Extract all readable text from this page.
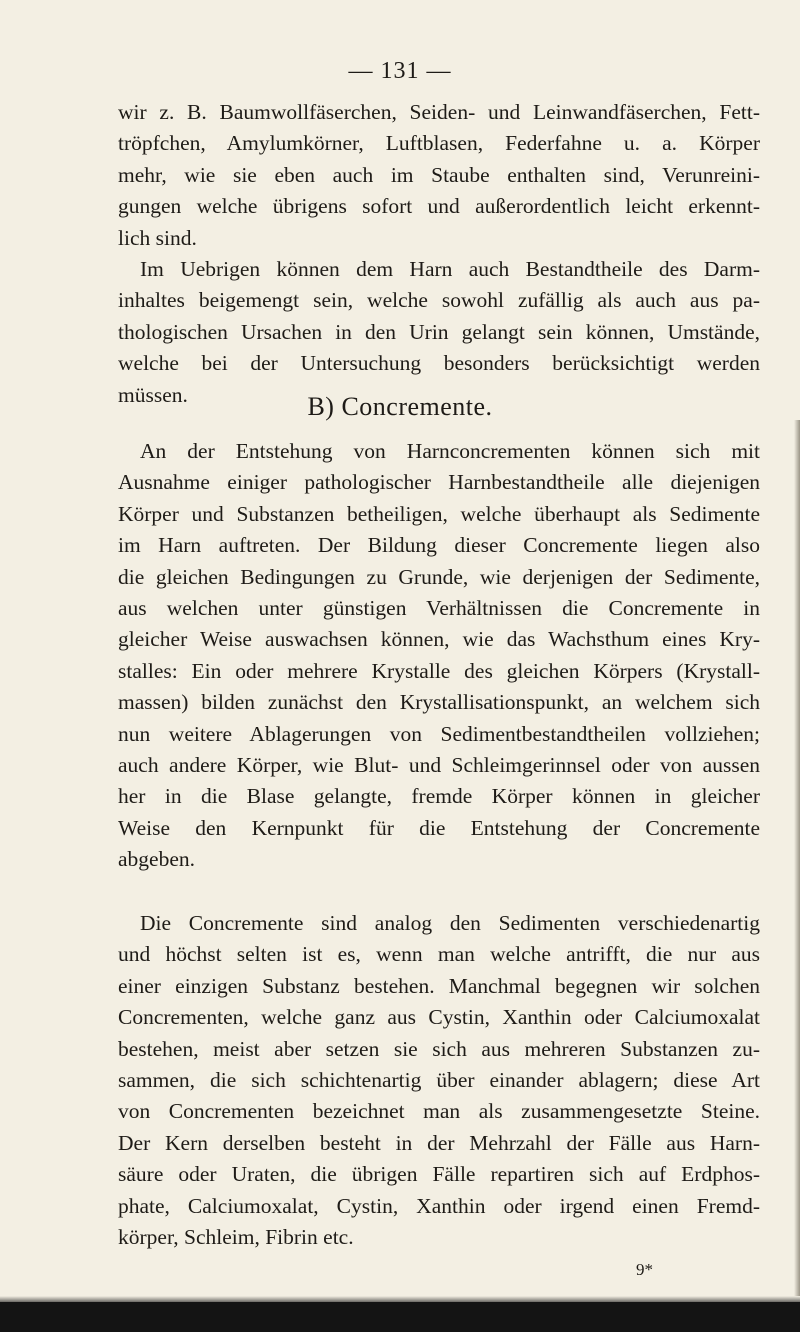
— 131 —
wir z. B. Baumwollfäserchen, Seiden- und Leinwandfäserchen, Fett-
tröpfchen, Amylumkörner, Luftblasen, Federfahne u. a. Körper
mehr, wie sie eben auch im Staube enthalten sind, Verunreini-
gungen welche übrigens sofort und außerordentlich leicht erkennt-
lich sind.
Im Uebrigen können dem Harn auch Bestandtheile des Darm-
inhaltes beigemengt sein, welche sowohl zufällig als auch aus pa-
thologischen Ursachen in den Urin gelangt sein können, Umstände,
welche bei der Untersuchung besonders berücksichtigt werden
müssen.	B) Concremente.
An der Entstehung von Harnconcrementen können sich mit
Ausnahme einiger pathologischer Harnbestandtheile alle diejenigen
Körper und Substanzen betheiligen, welche überhaupt als Sedimente
im Harn auftreten. Der Bildung dieser Concremente liegen also
die gleichen Bedingungen zu Grunde, wie derjenigen der Sedimente,
aus welchen unter günstigen Verhältnissen die Concremente in
gleicher Weise auswachsen können, wie das Wachsthum eines Kry-
stalles: Ein oder mehrere Krystalle des gleichen Körpers (Krystall-
massen) bilden zunächst den Krystallisationspunkt, an welchem sich
nun weitere Ablagerungen von Sedimentbestandtheilen vollziehen;
auch andere Körper, wie Blut- und Schleimgerinnsel oder von aussen
her in die Blase gelangte, fremde Körper können in gleicher
Weise den Kernpunkt für die Entstehung der Concremente
abgeben.
Die Concremente sind analog den Sedimenten verschiedenartig
und höchst selten ist es, wenn man welche antrifft, die nur aus
einer einzigen Substanz bestehen. Manchmal begegnen wir solchen
Concrementen, welche ganz aus Cystin, Xanthin oder Calciumoxalat
bestehen, meist aber setzen sie sich aus mehreren Substanzen zu-
sammen, die sich schichtenartig über einander ablagern; diese Art
von Concrementen bezeichnet man als zusammengesetzte Steine.
Der Kern derselben besteht in der Mehrzahl der Fälle aus Harn-
säure oder Uraten, die übrigen Fälle repartiren sich auf Erdphos-
phate, Calciumoxalat, Cystin, Xanthin oder irgend einen Fremd-
körper, Schleim, Fibrin etc.
9*
